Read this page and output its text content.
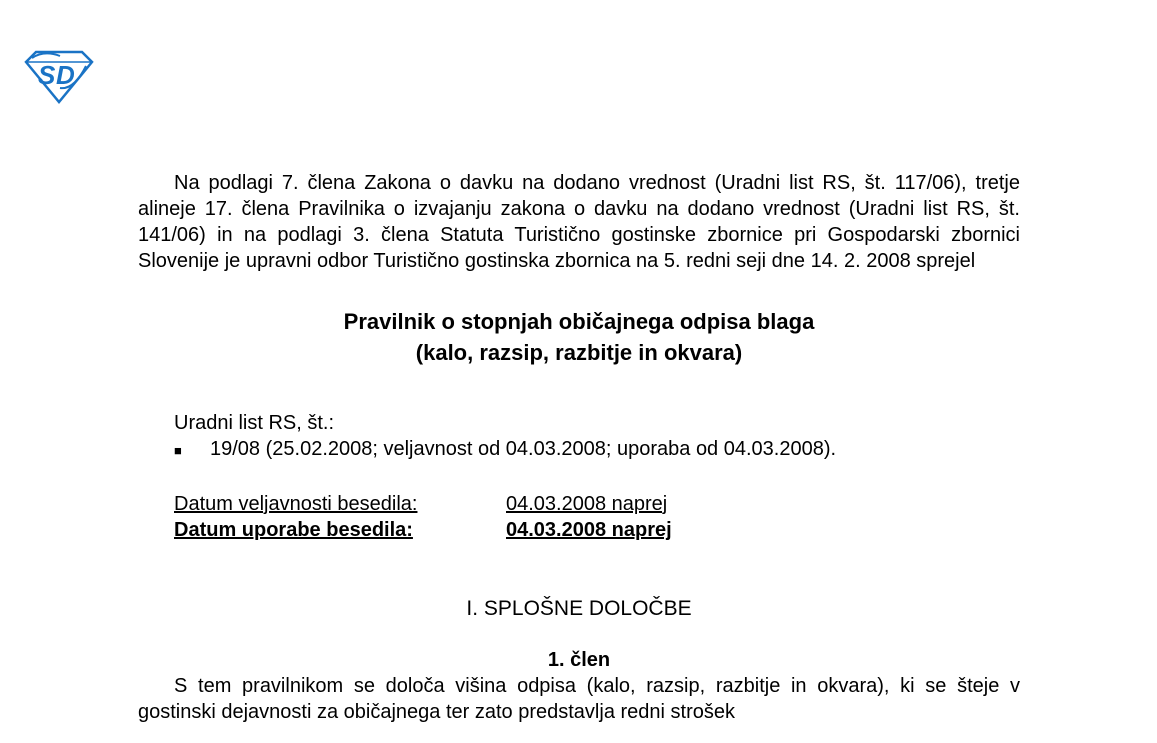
S D

Na podlagi 7. člena Zakona o davku na dodano vrednost (Uradni list RS, št. 117/06), tretje alineje 17. člena Pravilnika o izvajanju zakona o davku na dodano vrednost (Uradni list RS, št. 141/06) in na podlagi 3. člena Statuta Turistično gostinske zbornice pri Gospodarski zbornici Slovenije je upravni odbor Turistično gostinska zbornica na 5. redni seji dne 14. 2. 2008 sprejel

Pravilnik o stopnjah običajnega odpisa blaga
(kalo, razsip, razbitje in okvara)
Uradni list RS, št.:
■	19/08 (25.02.2008; veljavnost od 04.03.2008; uporaba od 04.03.2008).
Datum veljavnosti besedila:	04.03.2008 naprej
Datum uporabe besedila:	04.03.2008 naprej
I. SPLOŠNE DOLOČBE
1. člen

S tem pravilnikom se določa višina odpisa (kalo, razsip, razbitje in okvara), ki se šteje v gostinski dejavnosti za običajnega ter zato predstavlja redni strošek
